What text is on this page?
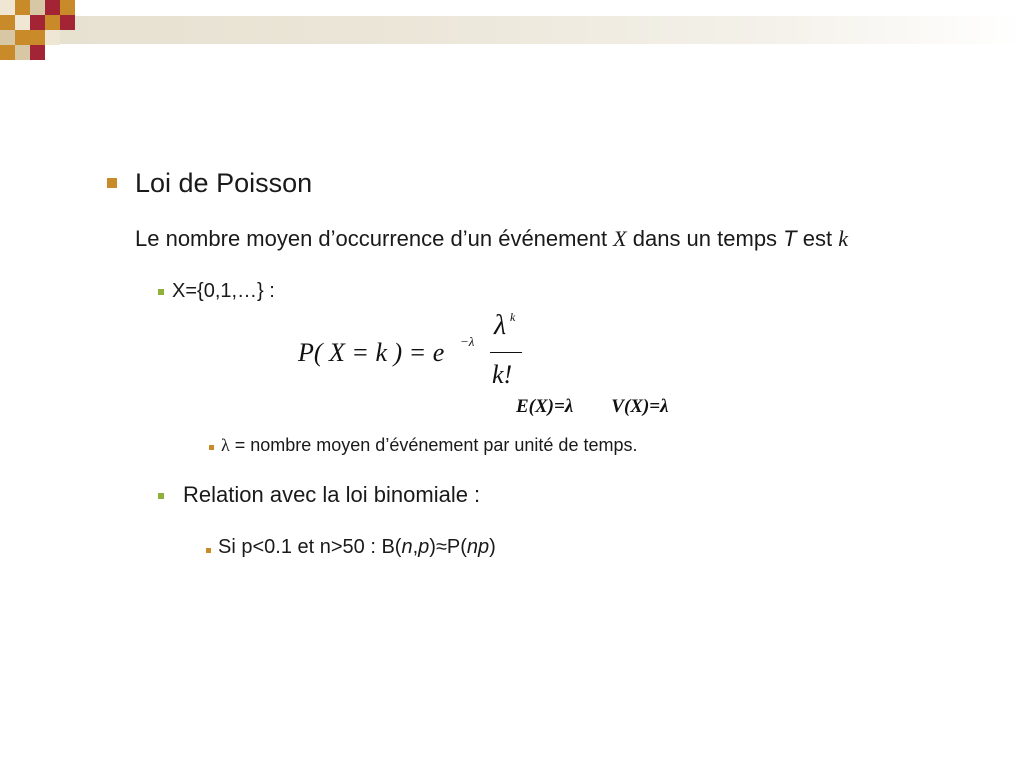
Loi de Poisson
Le nombre moyen d’occurrence d’un événement X dans un temps T est k
X={0,1,…} :
P( X = k ) = e −λ
λ k
k!
E(X)=λ V(X)=λ
λ = nombre moyen d’événement par unité de temps.
Relation avec la loi binomiale :
Si p<0.1 et n>50 : B(n,p)≈P(np)
